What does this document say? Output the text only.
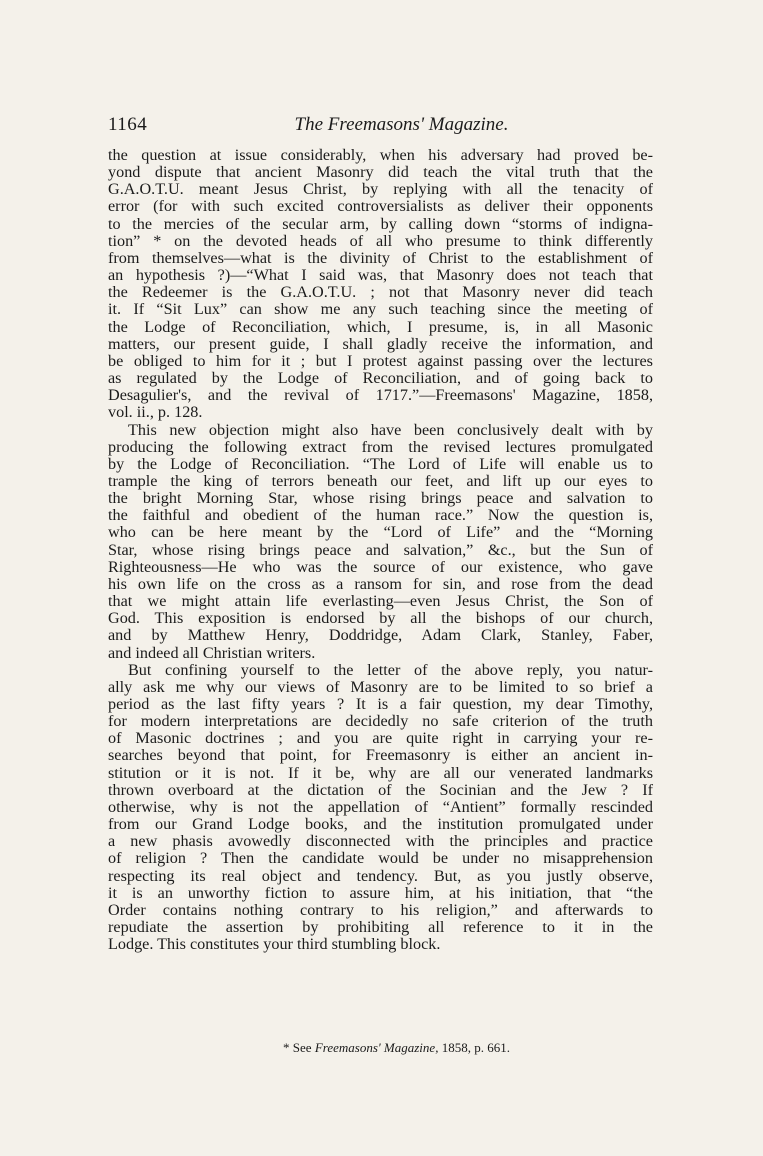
1164	The Freemasons' Magazine.
the question at issue considerably, when his adversary had proved be-
yond dispute that ancient Masonry did teach the vital truth that the
G.A.O.T.U. meant Jesus Christ, by replying with all the tenacity of
error (for with such excited controversialists as deliver their opponents
to the mercies of the secular arm, by calling down “storms of indigna-
tion” * on the devoted heads of all who presume to think differently
from themselves—what is the divinity of Christ to the establishment of
an hypothesis ?)—“What I said was, that Masonry does not teach that
the Redeemer is the G.A.O.T.U. ; not that Masonry never did teach
it. If “Sit Lux” can show me any such teaching since the meeting of
the Lodge of Reconciliation, which, I presume, is, in all Masonic
matters, our present guide, I shall gladly receive the information, and
be obliged to him for it ; but I protest against passing over the lectures
as regulated by the Lodge of Reconciliation, and of going back to
Desagulier's, and the revival of 1717.”—Freemasons' Magazine, 1858,
vol. ii., p. 128.
This new objection might also have been conclusively dealt with by
producing the following extract from the revised lectures promulgated
by the Lodge of Reconciliation. “The Lord of Life will enable us to
trample the king of terrors beneath our feet, and lift up our eyes to
the bright Morning Star, whose rising brings peace and salvation to
the faithful and obedient of the human race.” Now the question is,
who can be here meant by the “Lord of Life” and the “Morning
Star, whose rising brings peace and salvation,” &c., but the Sun of
Righteousness—He who was the source of our existence, who gave
his own life on the cross as a ransom for sin, and rose from the dead
that we might attain life everlasting—even Jesus Christ, the Son of
God. This exposition is endorsed by all the bishops of our church,
and by Matthew Henry, Doddridge, Adam Clark, Stanley, Faber,
and indeed all Christian writers.
But confining yourself to the letter of the above reply, you natur-
ally ask me why our views of Masonry are to be limited to so brief a
period as the last fifty years ? It is a fair question, my dear Timothy,
for modern interpretations are decidedly no safe criterion of the truth
of Masonic doctrines ; and you are quite right in carrying your re-
searches beyond that point, for Freemasonry is either an ancient in-
stitution or it is not. If it be, why are all our venerated landmarks
thrown overboard at the dictation of the Socinian and the Jew ? If
otherwise, why is not the appellation of “Antient” formally rescinded
from our Grand Lodge books, and the institution promulgated under
a new phasis avowedly disconnected with the principles and practice
of religion ? Then the candidate would be under no misapprehension
respecting its real object and tendency. But, as you justly observe,
it is an unworthy fiction to assure him, at his initiation, that “the
Order contains nothing contrary to his religion,” and afterwards to
repudiate the assertion by prohibiting all reference to it in the
Lodge. This constitutes your third stumbling block.
* See Freemasons' Magazine, 1858, p. 661.
